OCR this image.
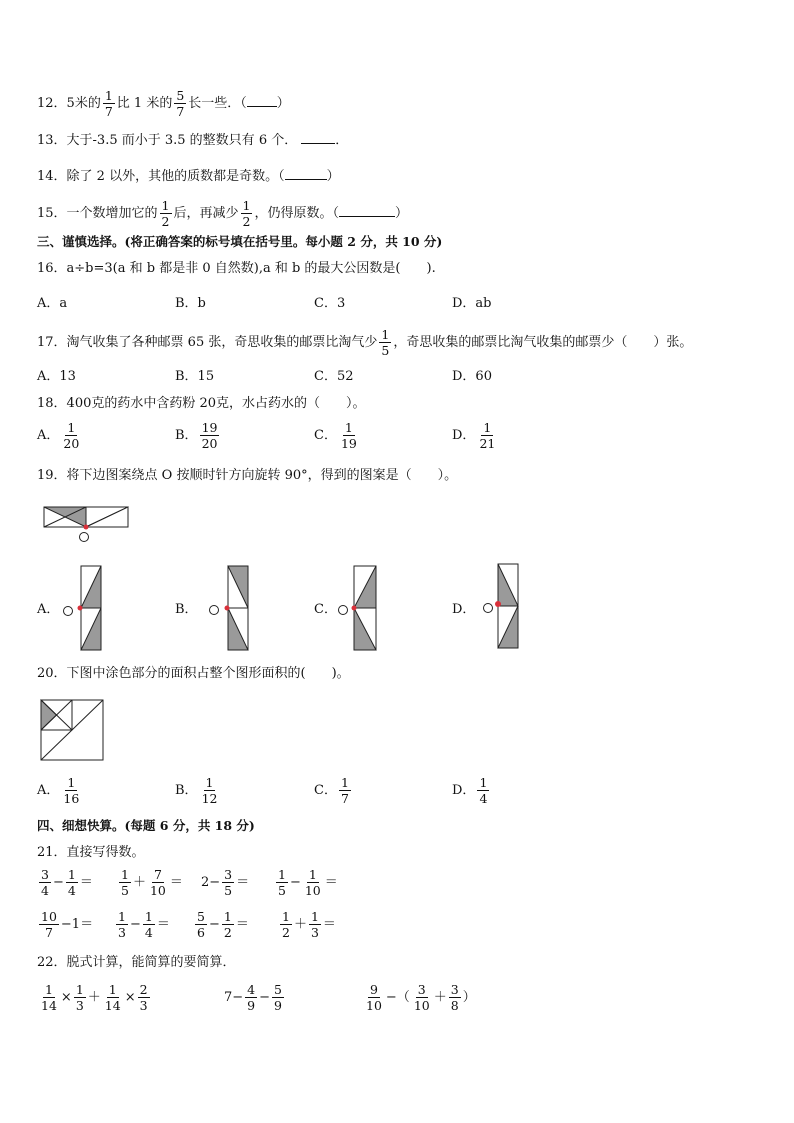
12．5米的 $\frac{1}{7}$ 比 1 米的 $\frac{5}{7}$ 长一些．（ ）
13．大于-3.5 而小于 3.5 的整数只有 6 个．	．
14．除了 2 以外，其他的质数都是奇数。（	）
15．一个数增加它的 $\frac{1}{2}$ 后，再减少 $\frac{1}{2}$ ，仍得原数。（	）
三、谨慎选择。(将正确答案的标号填在括号里。每小题 2 分，共 10 分)
16．a÷b=3(a 和 b 都是非 0 自然数),a 和 b 的最大公因数是(　　).
A．a	B．b	C．3	D．ab
17．淘气收集了各种邮票 65 张，奇思收集的邮票比淘气少 $\frac{1}{5}$ ，奇思收集的邮票比淘气收集的邮票少（　　）张。
A．13	B．15	C．52	D．60
18．400克的药水中含药粉 20克，水占药水的（　　）。
A． $\frac{1}{20}$	B． $\frac{19}{20}$	C． $\frac{1}{19}$	D． $\frac{1}{21}$
19．将下边图案绕点 O 按顺时针方向旋转 90°，得到的图案是（　　）。
A．	B．	C．	D．
20．下图中涂色部分的面积占整个图形面积的(　　)。
A． $\frac{1}{16}$	B． $\frac{1}{12}$	C． $\frac{1}{7}$	D． $\frac{1}{4}$
四、细想快算。(每题 6 分，共 18 分)
21．直接写得数。
$\frac{3}{4} - \frac{1}{4} = \frac{1}{5} + \frac{7}{10} = 2- \frac{3}{5} = \frac{1}{5} - \frac{1}{10}$ ＝
$\frac{10}{7} -1= \frac{1}{3} - \frac{1}{4} = \frac{5}{6} - \frac{1}{2} = \frac{1}{2} + \frac{1}{3}$ ＝
22．脱式计算，能简算的要简算．
$\frac{1}{14} \times \frac{1}{3} + \frac{1}{14} \times \frac{2}{3}$	$7- \frac{4}{9} - \frac{5}{9}$	$\frac{9}{10}$ −（ $\frac{3}{10} + \frac{3}{8}$ ）
